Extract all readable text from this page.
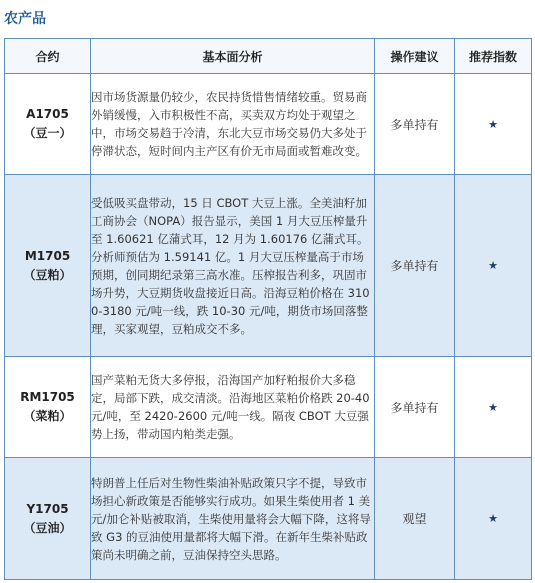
农产品
合约	基本面分析	操作建议	推荐指数

A1705
（豆一）	因市场货源量仍较少，农民持货惜售情绪较重。贸易商外销缓慢，入市积极性不高，买卖双方均处于观望之中，市场交易趋于冷清，东北大豆市场交易仍大多处于停滞状态，短时间内主产区有价无市局面或暂难改变。	多单持有	★

M1705
（豆粕）	受低吸买盘带动，15 日 CBOT 大豆上涨。全美油籽加工商协会（NOPA）报告显示，美国 1 月大豆压榨量升至 1.60621 亿蒲式耳，12 月为 1.60176 亿蒲式耳。分析师预估为 1.59141 亿。1 月大豆压榨量高于市场预期，创同期纪录第三高水准。压榨报告利多，巩固市场升势，大豆期货收盘接近日高。沿海豆粕价格在 3100-3180 元/吨一线，跌 10-30 元/吨，期货市场回落整理，买家观望，豆粕成交不多。	多单持有	★

RM1705
（菜粕）	国产菜粕无货大多停报，沿海国产加籽粕报价大多稳定，局部下跌，成交清淡。沿海地区菜粕价格跌 20-40 元/吨，至 2420-2600 元/吨一线。隔夜 CBOT 大豆强势上扬，带动国内粕类走强。	多单持有	★

Y1705
（豆油）	特朗普上任后对生物性柴油补贴政策只字不提，导致市场担心新政策是否能够实行成功。如果生柴使用者 1 美元/加仑补贴被取消，生柴使用量将会大幅下降，这将导致 G3 的豆油使用量都将大幅下滑。在新年生柴补贴政策尚未明确之前，豆油保持空头思路。	观望	★
